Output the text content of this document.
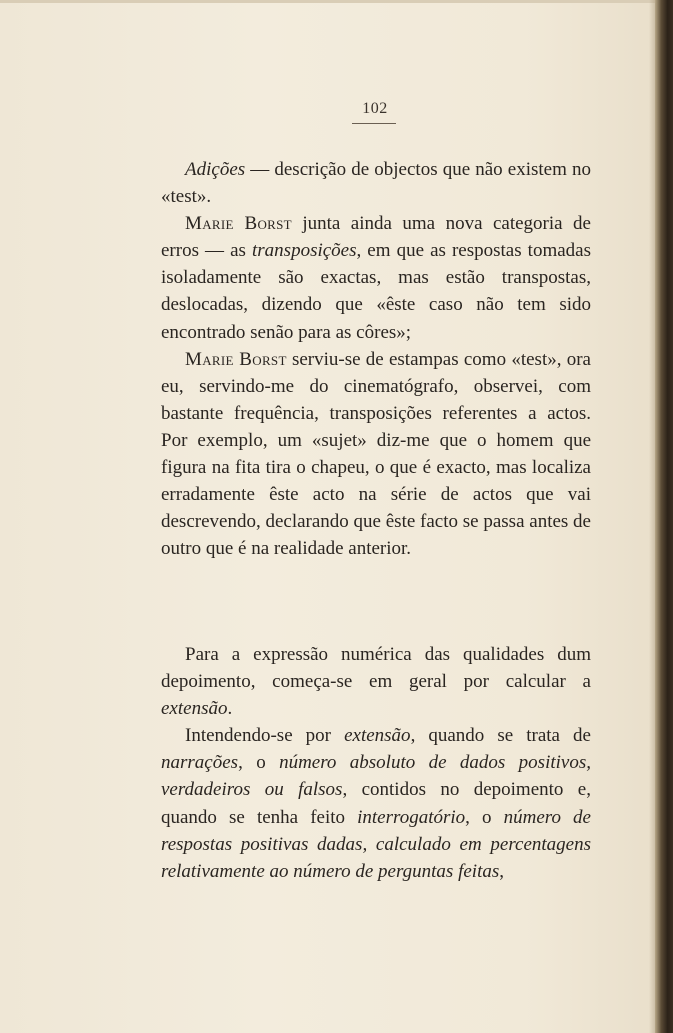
102

Adições — descrição de objectos que não existem no «test».

Marie Borst junta ainda uma nova categoria de erros — as transposições, em que as respostas tomadas isoladamente são exactas, mas estão transpostas, deslocadas, dizendo que «êste caso não tem sido encontrado senão para as côres»;

Marie Borst serviu-se de estampas como «test», ora eu, servindo-me do cinematógrafo, observei, com bastante frequência, transposições referentes a actos. Por exemplo, um «sujet» diz-me que o homem que figura na fita tira o chapeu, o que é exacto, mas localiza erradamente êste acto na série de actos que vai descrevendo, declarando que êste facto se passa antes de outro que é na realidade anterior.

Para a expressão numérica das qualidades dum depoimento, começa-se em geral por calcular a extensão.

Intendendo-se por extensão, quando se trata de narrações, o número absoluto de dados positivos, verdadeiros ou falsos, contidos no depoimento e, quando se tenha feito interrogatório, o número de respostas positivas dadas, calculado em percentagens relativamente ao número de perguntas feitas,
